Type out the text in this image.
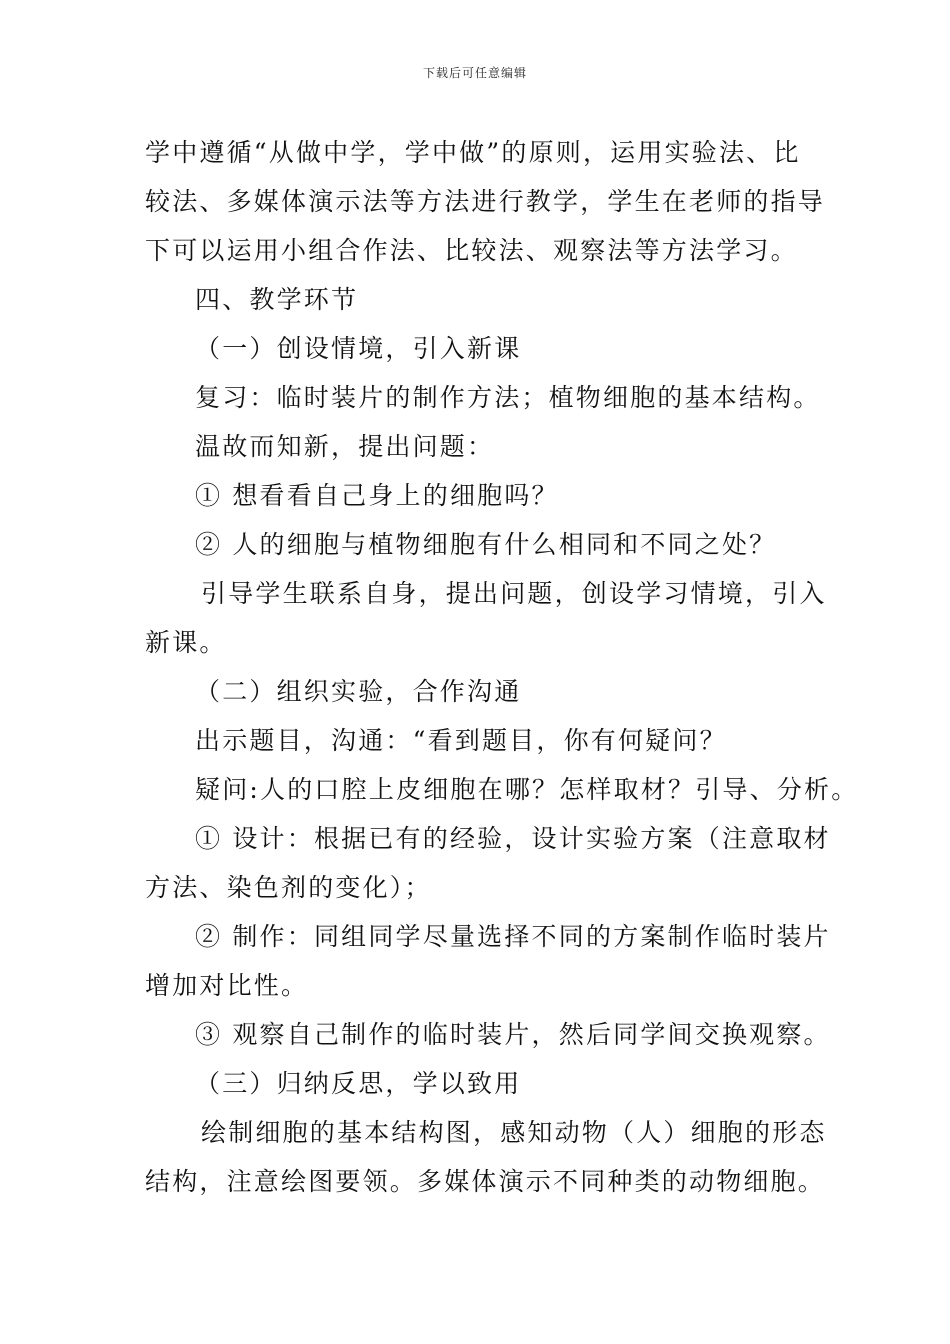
下载后可任意编辑
学中遵循“从做中学，学中做”的原则，运用实验法、比
较法、多媒体演示法等方法进行教学，学生在老师的指导
下可以运用小组合作法、比较法、观察法等方法学习。
四、教学环节
（一）创设情境，引入新课
复习：临时装片的制作方法；植物细胞的基本结构。
温故而知新，提出问题：
① 想看看自己身上的细胞吗？
② 人的细胞与植物细胞有什么相同和不同之处？
引导学生联系自身，提出问题，创设学习情境，引入
新课。
（二）组织实验，合作沟通
出示题目，沟通：“看到题目，你有何疑问？
疑问:人的口腔上皮细胞在哪？怎样取材？引导、分析。
① 设计：根据已有的经验，设计实验方案（注意取材
方法、染色剂的变化）；
② 制作：同组同学尽量选择不同的方案制作临时装片
增加对比性。
③ 观察自己制作的临时装片，然后同学间交换观察。
（三）归纳反思，学以致用
绘制细胞的基本结构图，感知动物（人）细胞的形态
结构，注意绘图要领。多媒体演示不同种类的动物细胞。
